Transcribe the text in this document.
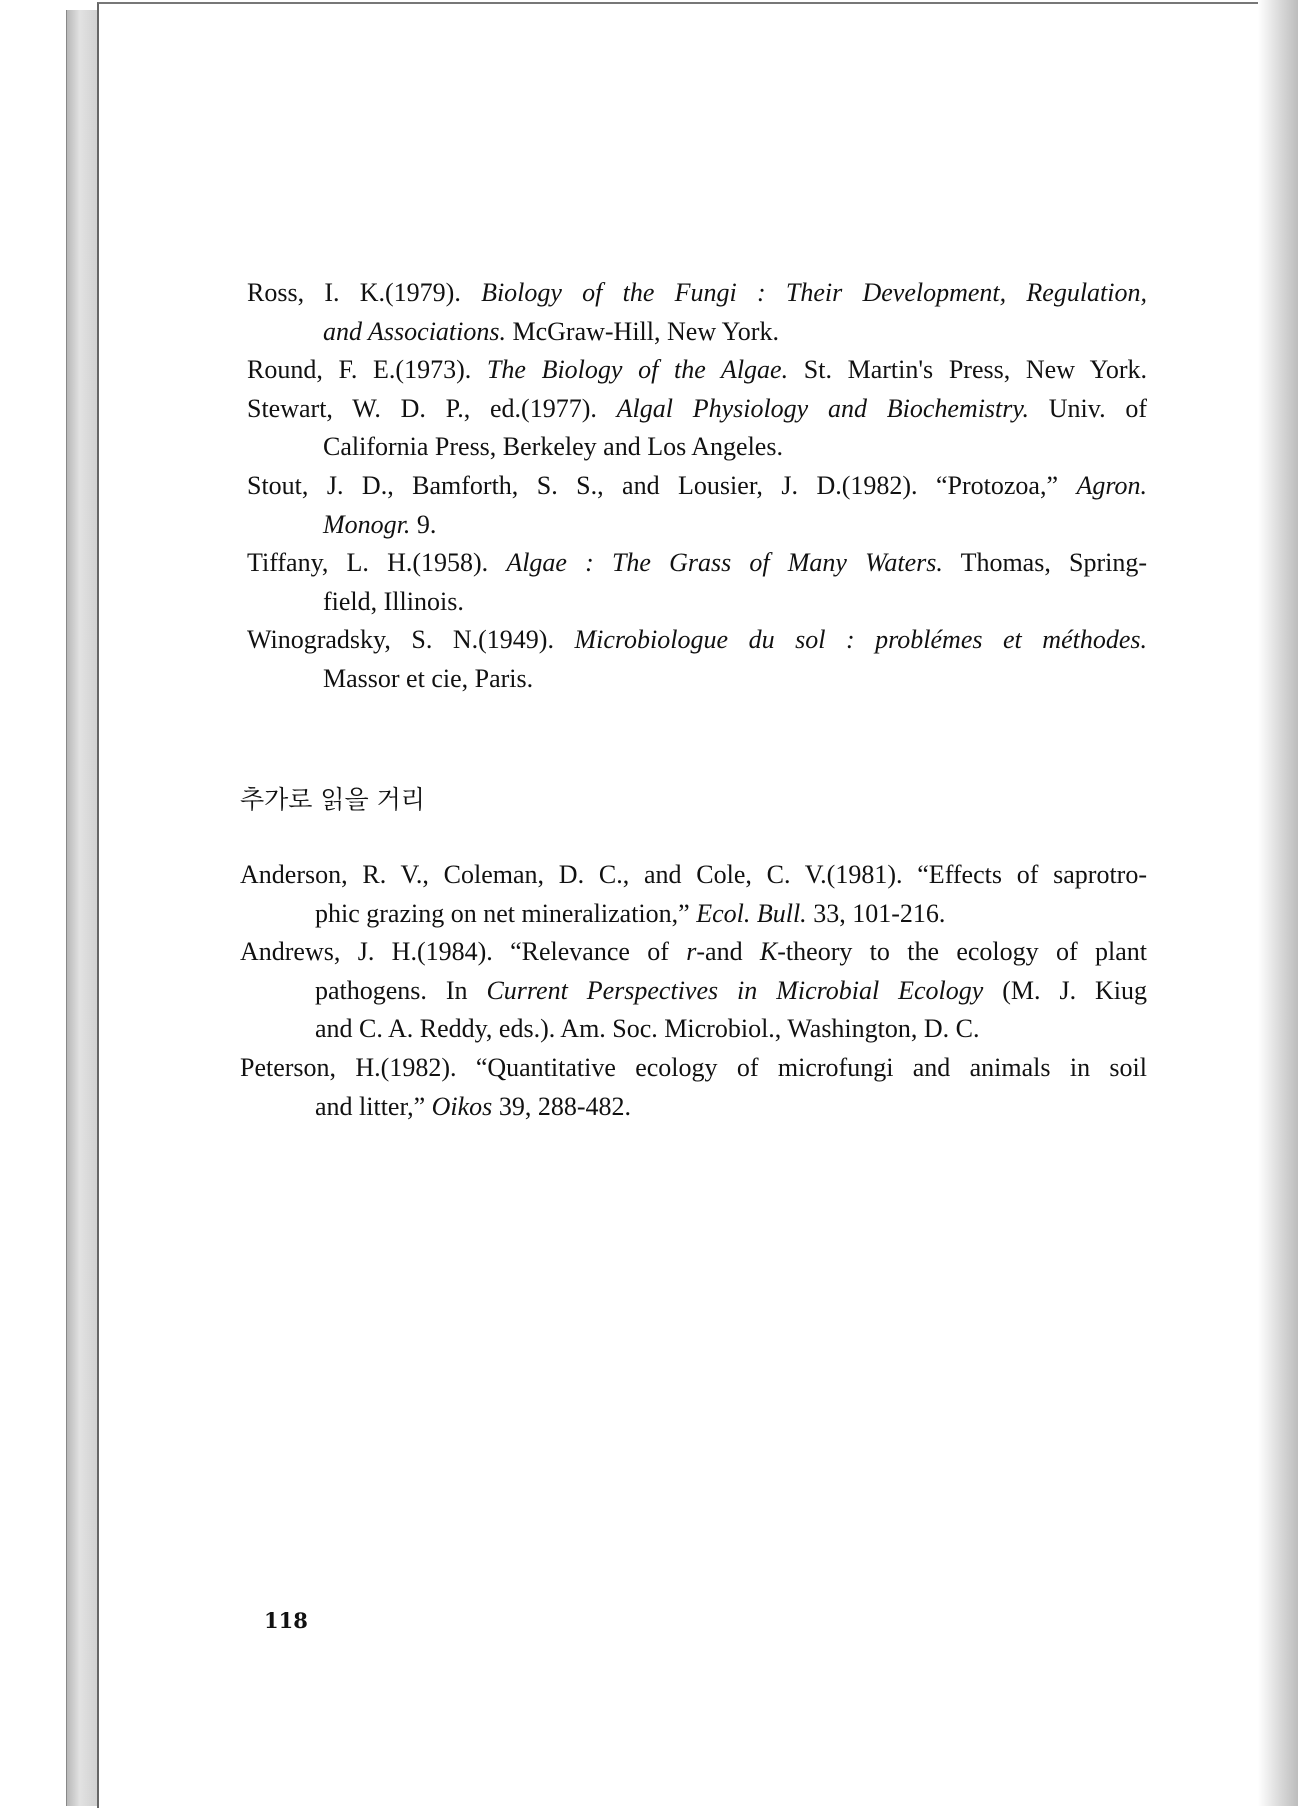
Ross, I. K.(1979). Biology of the Fungi : Their Development, Regulation,
and Associations. McGraw-Hill, New York.
Round, F. E.(1973). The Biology of the Algae. St. Martin's Press, New York.
Stewart, W. D. P., ed.(1977). Algal Physiology and Biochemistry. Univ. of
California Press, Berkeley and Los Angeles.
Stout, J. D., Bamforth, S. S., and Lousier, J. D.(1982). “Protozoa,” Agron.
Monogr. 9.
Tiffany, L. H.(1958). Algae : The Grass of Many Waters. Thomas, Spring-
field, Illinois.
Winogradsky, S. N.(1949). Microbiologue du sol : problémes et méthodes.
Massor et cie, Paris.
추가로 읽을 거리
Anderson, R. V., Coleman, D. C., and Cole, C. V.(1981). “Effects of saprotro-
phic grazing on net mineralization,” Ecol. Bull. 33, 101-216.
Andrews, J. H.(1984). “Relevance of r-and K-theory to the ecology of plant
pathogens. In Current Perspectives in Microbial Ecology (M. J. Kiug
and C. A. Reddy, eds.). Am. Soc. Microbiol., Washington, D. C.
Peterson, H.(1982). “Quantitative ecology of microfungi and animals in soil
and litter,” Oikos 39, 288-482.
118
